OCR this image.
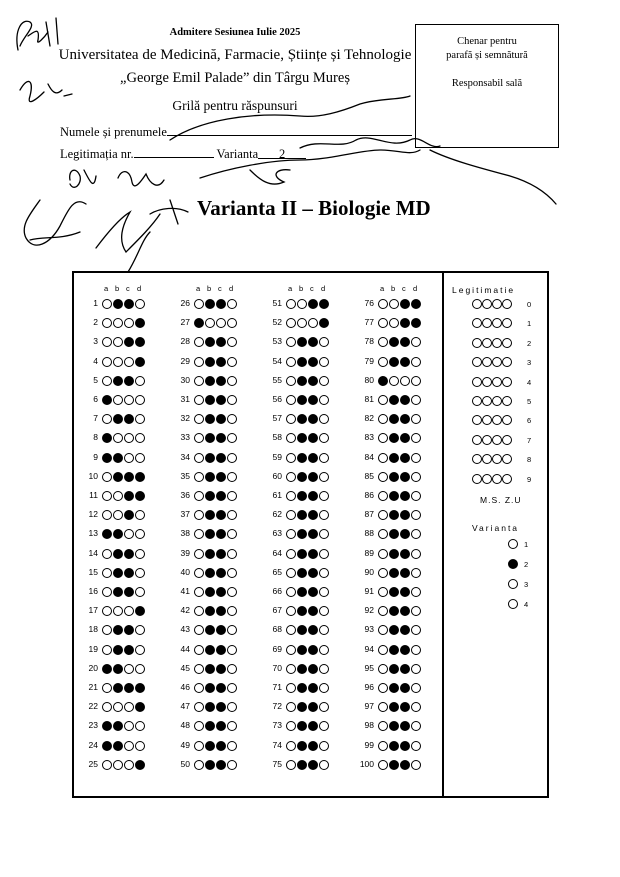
Admitere Sesiunea Iulie 2025
Universitatea de Medicină, Farmacie, Științe și Tehnologie
„George Emil Palade” din Târgu Mureș
Grilă pentru răspunsuri
Numele și prenumele
Legitimația nr.	Varianta 2
Chenar pentru
parafă și semnătură
Responsabil sală
Varianta II – Biologie MD
a b c d
1
2
3
4
5
6
7
8
9
10
11
12
13
14
15
16
17
18
19
20
21
22
23
24
25
a b c d
26
27
28
29
30
31
32
33
34
35
36
37
38
39
40
41
42
43
44
45
46
47
48
49
50
a b c d
51
52
53
54
55
56
57
58
59
60
61
62
63
64
65
66
67
68
69
70
71
72
73
74
75
a b c d
76
77
78
79
80
81
82
83
84
85
86
87
88
89
90
91
92
93
94
95
96
97
98
99
100
Legitimatie
M.S. Z.U
Varianta
0
1
2
3
4
5
6
7
8
9
1
2
3
4
